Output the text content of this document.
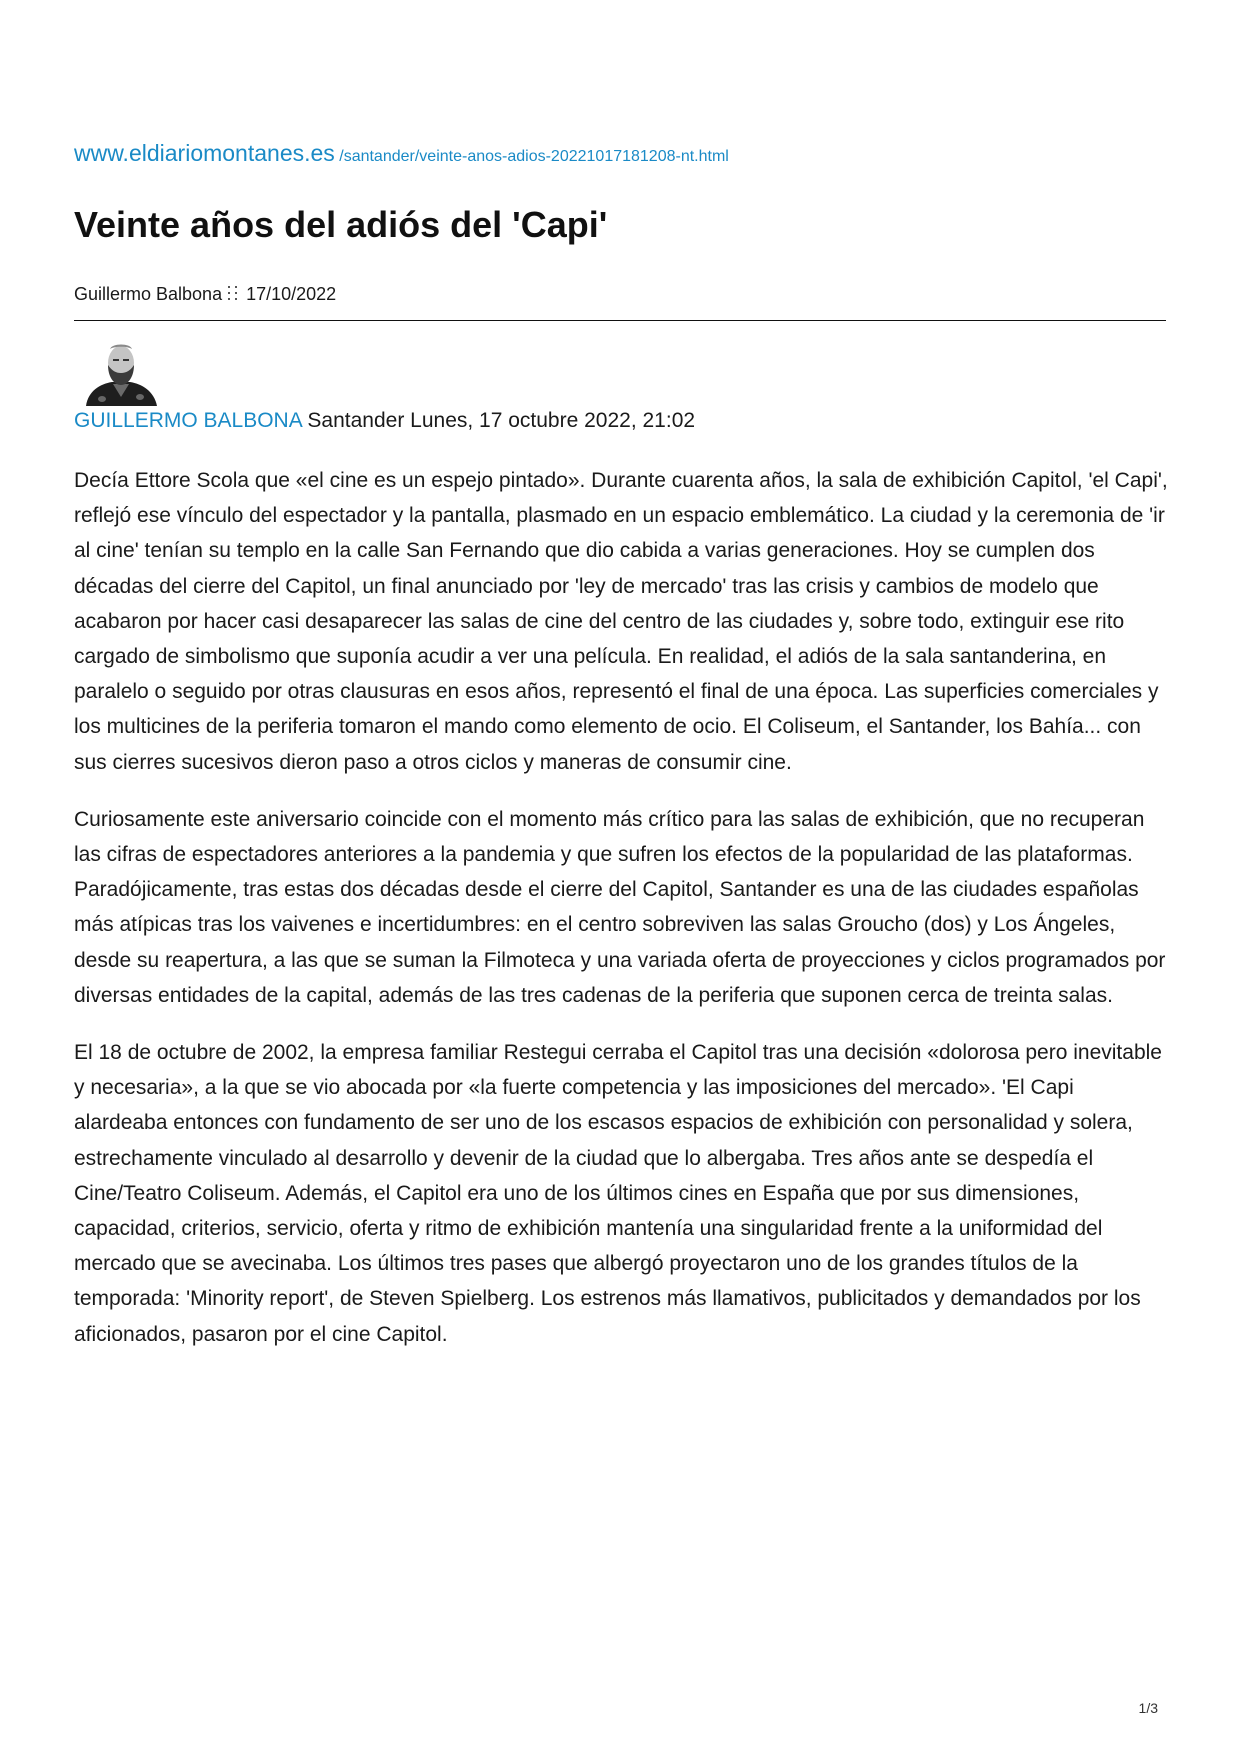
www.eldiariomontanes.es /santander/veinte-anos-adios-20221017181208-nt.html
Veinte años del adiós del 'Capi'
Guillermo Balbona 17/10/2022
GUILLERMO BALBONA Santander Lunes, 17 octubre 2022, 21:02

Decía Ettore Scola que «el cine es un espejo pintado». Durante cuarenta años, la sala de exhibición Capitol, 'el Capi', reflejó ese vínculo del espectador y la pantalla, plasmado en un espacio emblemático. La ciudad y la ceremonia de 'ir al cine' tenían su templo en la calle San Fernando que dio cabida a varias generaciones. Hoy se cumplen dos décadas del cierre del Capitol, un final anunciado por 'ley de mercado' tras las crisis y cambios de modelo que acabaron por hacer casi desaparecer las salas de cine del centro de las ciudades y, sobre todo, extinguir ese rito cargado de simbolismo que suponía acudir a ver una película. En realidad, el adiós de la sala santanderina, en paralelo o seguido por otras clausuras en esos años, representó el final de una época. Las superficies comerciales y los multicines de la periferia tomaron el mando como elemento de ocio. El Coliseum, el Santander, los Bahía... con sus cierres sucesivos dieron paso a otros ciclos y maneras de consumir cine.

Curiosamente este aniversario coincide con el momento más crítico para las salas de exhibición, que no recuperan las cifras de espectadores anteriores a la pandemia y que sufren los efectos de la popularidad de las plataformas. Paradójicamente, tras estas dos décadas desde el cierre del Capitol, Santander es una de las ciudades españolas más atípicas tras los vaivenes e incertidumbres: en el centro sobreviven las salas Groucho (dos) y Los Ángeles, desde su reapertura, a las que se suman la Filmoteca y una variada oferta de proyecciones y ciclos programados por diversas entidades de la capital, además de las tres cadenas de la periferia que suponen cerca de treinta salas.

El 18 de octubre de 2002, la empresa familiar Restegui cerraba el Capitol tras una decisión «dolorosa pero inevitable y necesaria», a la que se vio abocada por «la fuerte competencia y las imposiciones del mercado». 'El Capi alardeaba entonces con fundamento de ser uno de los escasos espacios de exhibición con personalidad y solera, estrechamente vinculado al desarrollo y devenir de la ciudad que lo albergaba. Tres años ante se despedía el Cine/Teatro Coliseum. Además, el Capitol era uno de los últimos cines en España que por sus dimensiones, capacidad, criterios, servicio, oferta y ritmo de exhibición mantenía una singularidad frente a la uniformidad del mercado que se avecinaba. Los últimos tres pases que albergó proyectaron uno de los grandes títulos de la temporada: 'Minority report', de Steven Spielberg. Los estrenos más llamativos, publicitados y demandados por los aficionados, pasaron por el cine Capitol.

1/3
